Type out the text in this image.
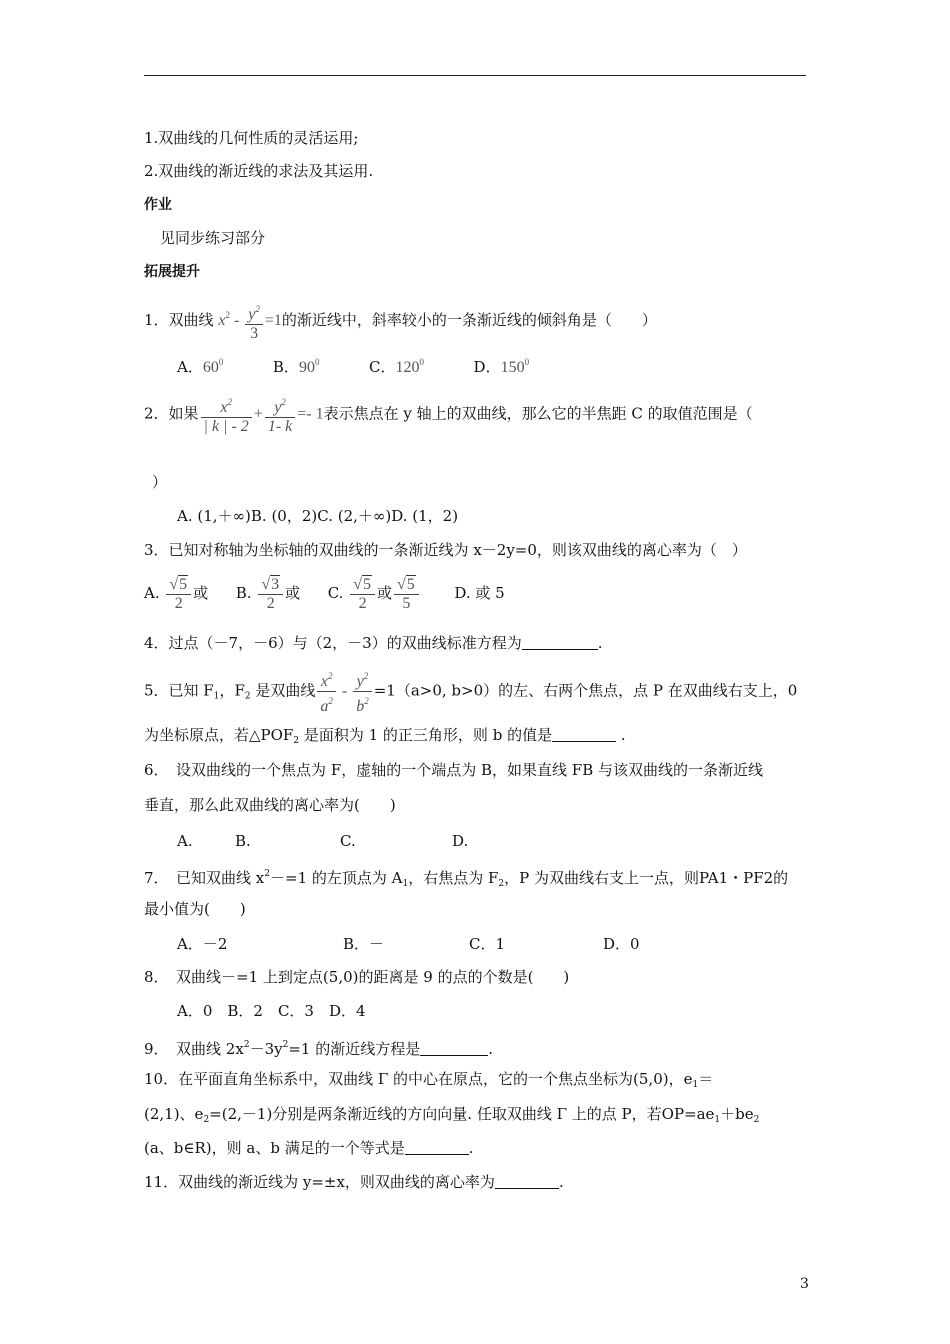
1.双曲线的几何性质的灵活运用;
2.双曲线的渐近线的求法及其运用.
作业
见同步练习部分
拓展提升
1．双曲线 $x^2 - \frac{y^2}{3} =1$的渐近线中，斜率较小的一条渐近线的倾斜角是（　　）
A．$60^0$	B．$90^0$	C．$120^0$	D．$150^0$
2．如果 $\frac{x^2}{| k | - 2} + \frac{y^2}{1- k} =- 1$表示焦点在 y 轴上的双曲线，那么它的半焦距 C 的取值范围是（
）
A. (1,＋∞)B. (0，2)C. (2,＋∞)D. (1，2)
3．已知对称轴为坐标轴的双曲线的一条渐近线为 x－2y=0，则该双曲线的离心率为（　）
A. $\frac{√5}{2}$ 或 B. $\frac{√3}{2}$ 或 C. $\frac{√5}{2}$ 或 $\frac{√5}{5} D$. 或 5
4．过点（－7，－6）与（2，－3）的双曲线标准方程为	.
5．已知 $F_1$，$F_2$ 是双曲线 $\frac{x^2}{a^2} - \frac{y^2}{b^2} =1(a>0$, b>0）的左、右两个焦点，点 P 在双曲线右支上，0
为坐标原点，若$\triangle POF_2$ 是面积为 1 的正三角形，则 b 的值是	.
6．　设双曲线的一个焦点为 F，虚轴的一个端点为 B，如果直线 FB 与该双曲线的一条渐近线
垂直，那么此双曲线的离心率为(　　)
A.	B.	C.	D.
7．　已知双曲线 $x^2-=1$ 的左顶点为 $A_1$，右焦点为 $F_2$，P 为双曲线右支上一点，则PA1・PF2的
最小值为(　　)
A．－2	B．－	C．1	D．0
8．　双曲线－=1 上到定点(5,0)的距离是 9 的点的个数是(　　)
A．0　B．2　C．3　D．4
9．　双曲线 $2x^2-3y^2=1$ 的渐近线方程是	.
10．在平面直角坐标系中，双曲线 Γ 的中心在原点，它的一个焦点坐标为(5,0)，$e_1=$
(2,1)、$e_2=(2,-1)$分别是两条渐近线的方向向量. 任取双曲线 Γ 上的点 P，若$OP=ae_1+be_2$
(a、b∈R)，则 a、b 满足的一个等式是	.
11．双曲线的渐近线为 y=±x，则双曲线的离心率为	.
3
